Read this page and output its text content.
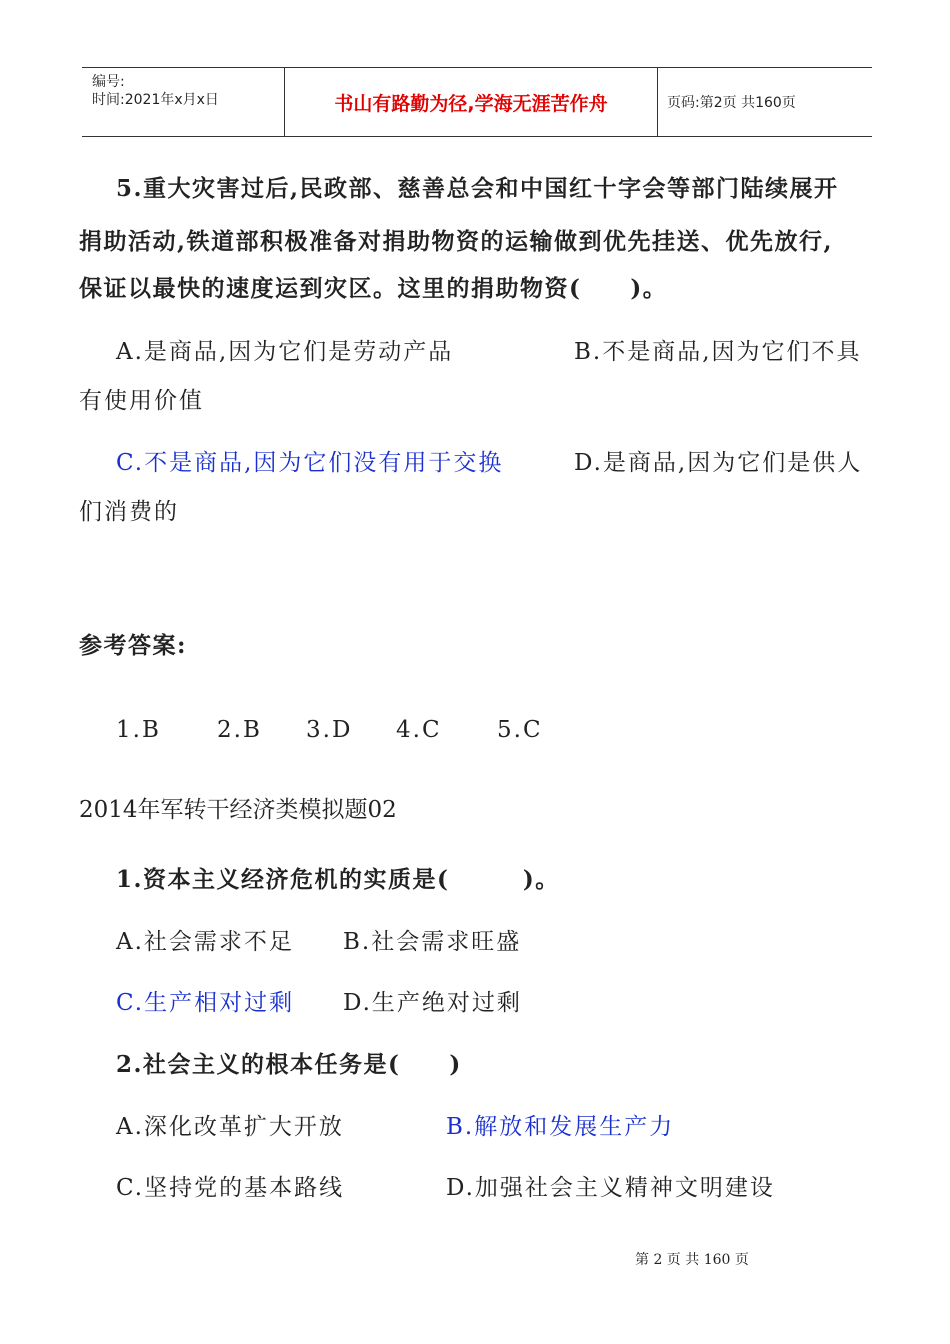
编号:
时间:2021年x月x日	书山有路勤为径,学海无涯苦作舟	页码:第2页 共160页
5.重大灾害过后,民政部、慈善总会和中国红十字会等部门陆续展开
捐助活动,铁道部积极准备对捐助物资的运输做到优先挂送、优先放行,
保证以最快的速度运到灾区。这里的捐助物资(　　)。
A.是商品,因为它们是劳动产品	B.不是商品,因为它们不具
有使用价值
C.不是商品,因为它们没有用于交换	D.是商品,因为它们是供人
们消费的
参考答案:
1.B 2.B 3.D 4.C 5.C
2014年军转干经济类模拟题02
1.资本主义经济危机的实质是(　　　)。
A.社会需求不足 B.社会需求旺盛
C.生产相对过剩 D.生产绝对过剩
2.社会主义的根本任务是(　　)
A.深化改革扩大开放	B.解放和发展生产力
C.坚持党的基本路线	D.加强社会主义精神文明建设
第 2 页 共 160 页
